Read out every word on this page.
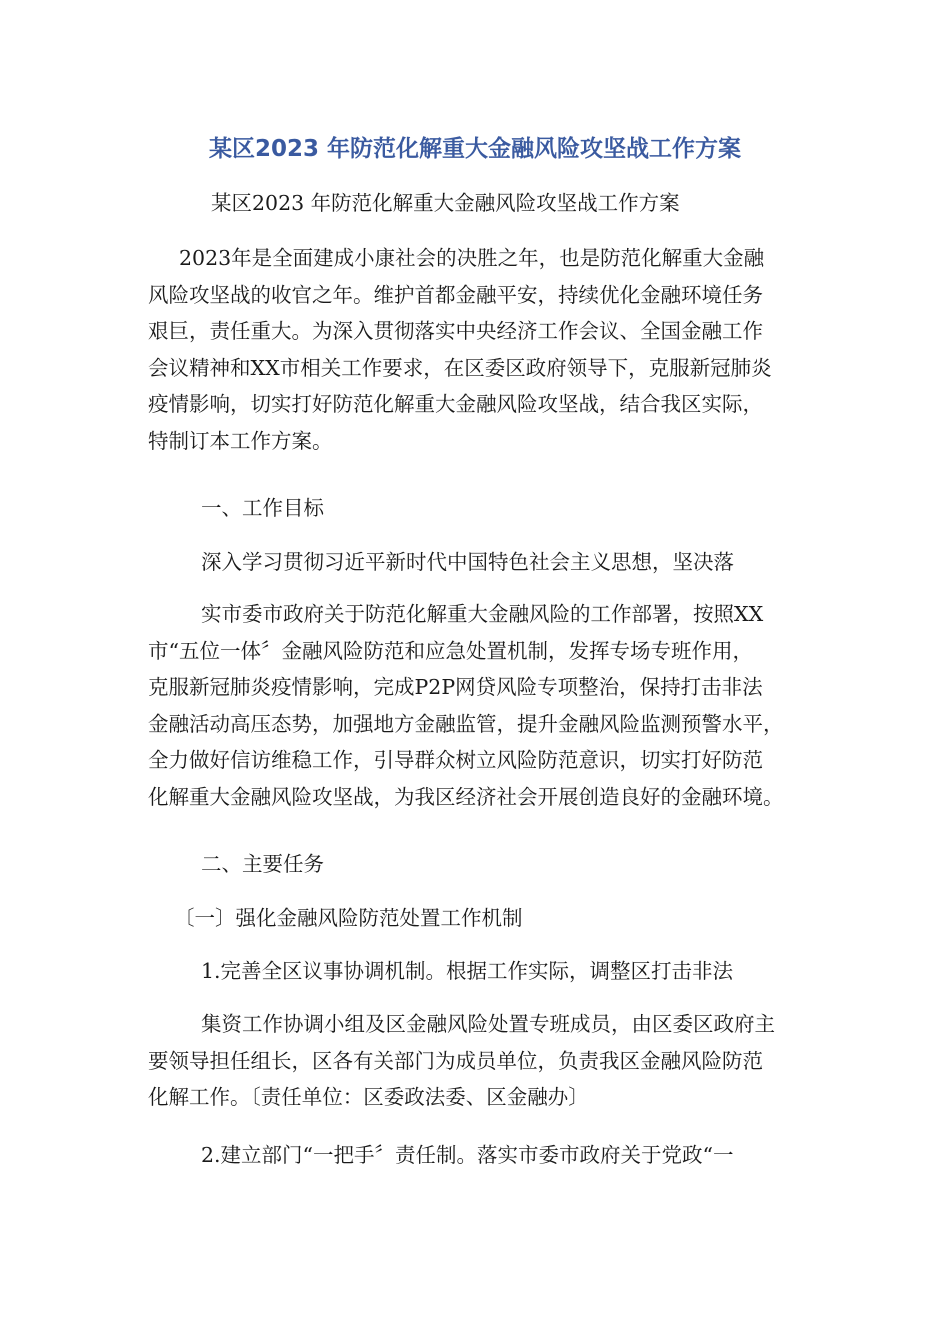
某区2023 年防范化解重大金融风险攻坚战工作方案
某区2023 年防范化解重大金融风险攻坚战工作方案
2023年是全面建成小康社会的决胜之年，也是防范化解重大金融
风险攻坚战的收官之年。维护首都金融平安，持续优化金融环境任务
艰巨，责任重大。为深入贯彻落实中央经济工作会议、全国金融工作
会议精神和XX市相关工作要求，在区委区政府领导下，克服新冠肺炎
疫情影响，切实打好防范化解重大金融风险攻坚战，结合我区实际，
特制订本工作方案。
一、工作目标
深入学习贯彻习近平新时代中国特色社会主义思想，坚决落
实市委市政府关于防范化解重大金融风险的工作部署，按照XX
市“五位一体〞金融风险防范和应急处置机制，发挥专场专班作用，
克服新冠肺炎疫情影响，完成P2P网贷风险专项整治，保持打击非法
金融活动高压态势，加强地方金融监管，提升金融风险监测预警水平，
全力做好信访维稳工作，引导群众树立风险防范意识，切实打好防范
化解重大金融风险攻坚战，为我区经济社会开展创造良好的金融环境。
二、主要任务
〔一〕强化金融风险防范处置工作机制
1.完善全区议事协调机制。根据工作实际，调整区打击非法
集资工作协调小组及区金融风险处置专班成员，由区委区政府主
要领导担任组长，区各有关部门为成员单位，负责我区金融风险防范
化解工作。〔责任单位：区委政法委、区金融办〕
2.建立部门“一把手〞责任制。落实市委市政府关于党政“一
